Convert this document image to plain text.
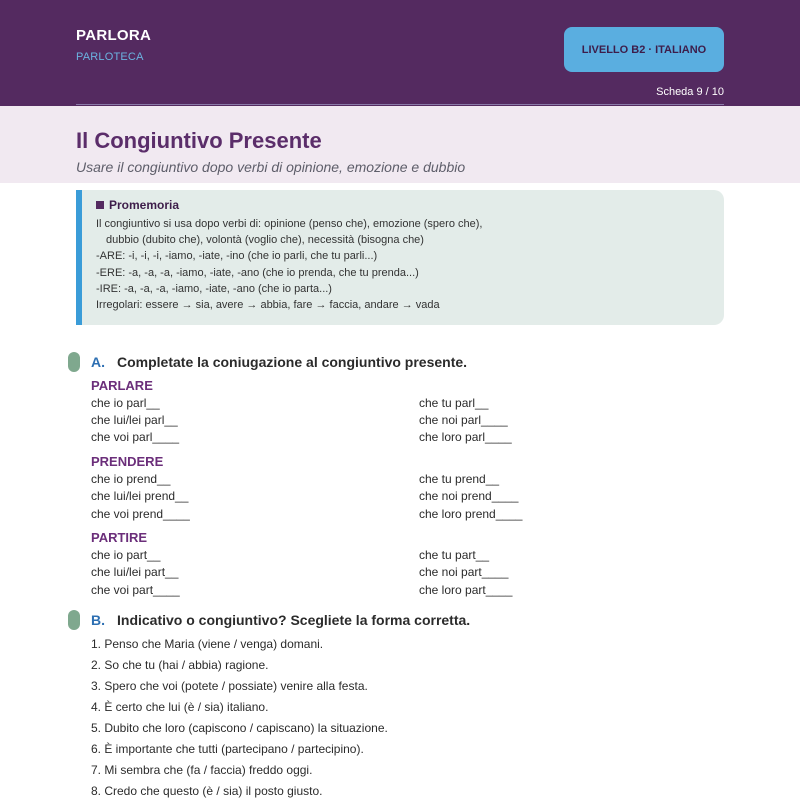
PARLORA
PARLOTECA
LIVELLO B2 · ITALIANO
Scheda 9 / 10
Il Congiuntivo Presente
Usare il congiuntivo dopo verbi di opinione, emozione e dubbio
Promemoria
Il congiuntivo si usa dopo verbi di: opinione (penso che), emozione (spero che),
dubbio (dubito che), volontà (voglio che), necessità (bisogna che)
-ARE: -i, -i, -i, -iamo, -iate, -ino (che io parli, che tu parli...)
-ERE: -a, -a, -a, -iamo, -iate, -ano (che io prenda, che tu prenda...)
-IRE: -a, -a, -a, -iamo, -iate, -ano (che io parta...)
Irregolari: essere → sia, avere → abbia, fare → faccia, andare → vada
A. Completate la coniugazione al congiuntivo presente.
PARLARE
che io parl__
che lui/lei parl__
che voi parl____
che tu parl__
che noi parl____
che loro parl____
PRENDERE
che io prend__
che lui/lei prend__
che voi prend____
che tu prend__
che noi prend____
che loro prend____
PARTIRE
che io part__
che lui/lei part__
che voi part____
che tu part__
che noi part____
che loro part____
B. Indicativo o congiuntivo? Scegliete la forma corretta.
1. Penso che Maria (viene / venga) domani.
2. So che tu (hai / abbia) ragione.
3. Spero che voi (potete / possiate) venire alla festa.
4. È certo che lui (è / sia) italiano.
5. Dubito che loro (capiscono / capiscano) la situazione.
6. È importante che tutti (partecipano / partecipino).
7. Mi sembra che (fa / faccia) freddo oggi.
8. Credo che questo (è / sia) il posto giusto.
